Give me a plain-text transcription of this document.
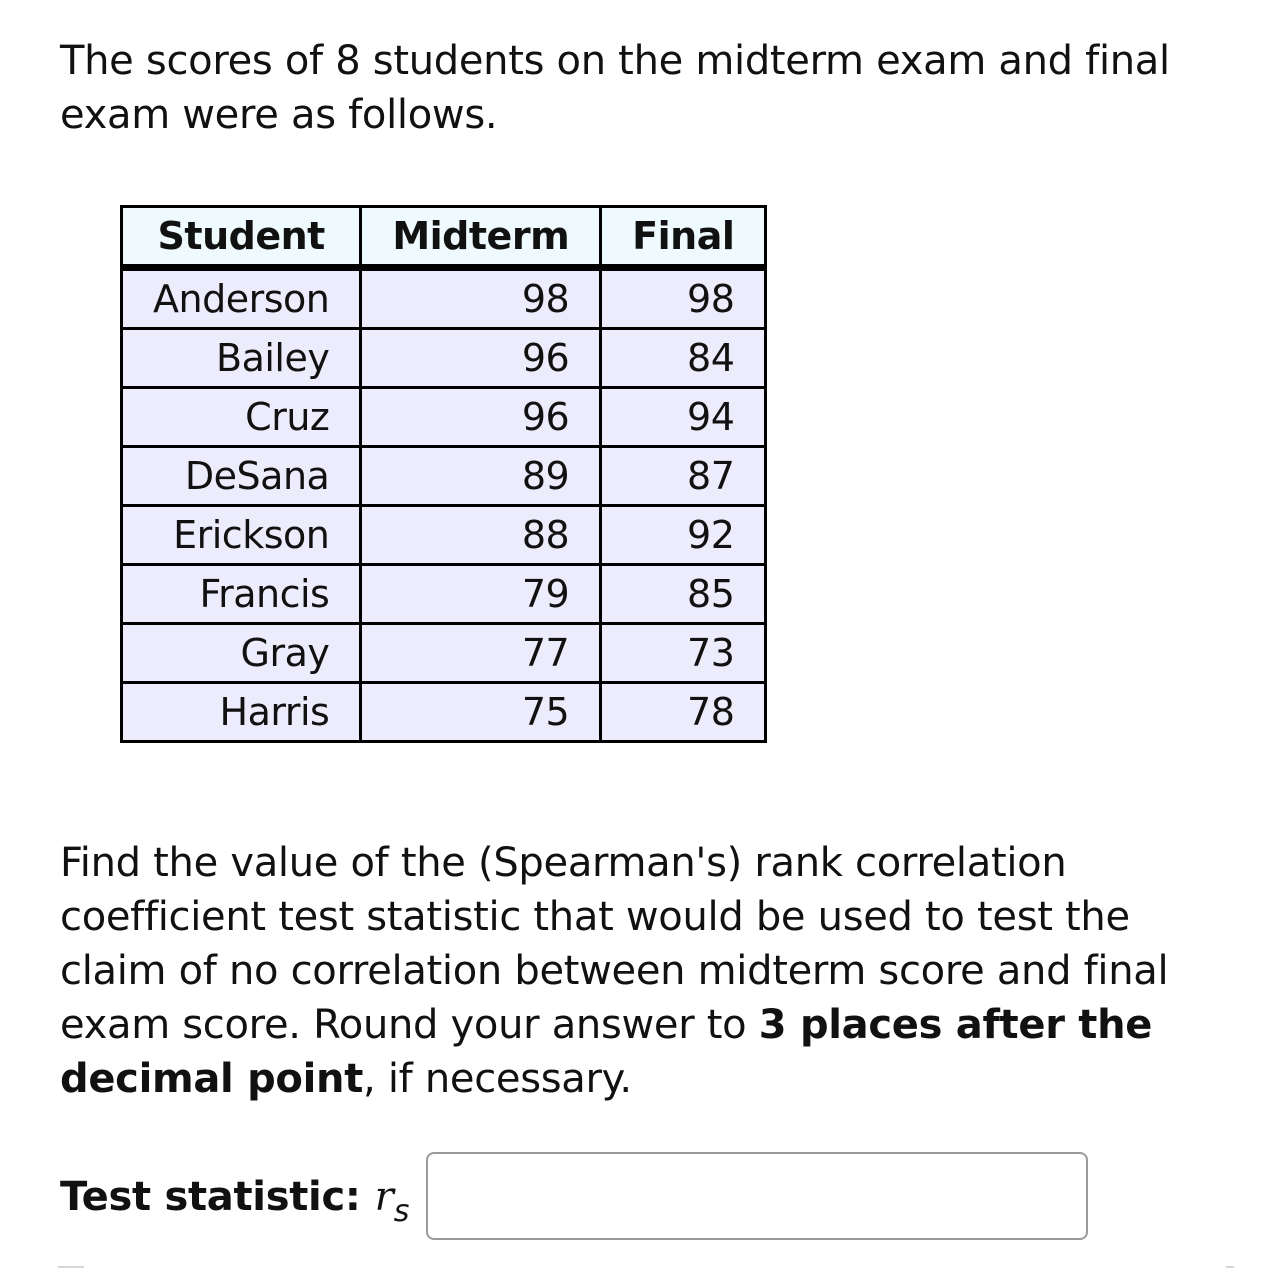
The scores of 8 students on the midterm exam and final exam were as follows.

Student	Midterm	Final
Anderson	98	98
Bailey	96	84
Cruz	96	94
DeSana	89	87
Erickson	88	92
Francis	79	85
Gray	77	73
Harris	75	78

Find the value of the (Spearman's) rank correlation coefficient test statistic that would be used to test the claim of no correlation between midterm score and final exam score. Round your answer to 3 places after the decimal point, if necessary.

Test statistic: r s
